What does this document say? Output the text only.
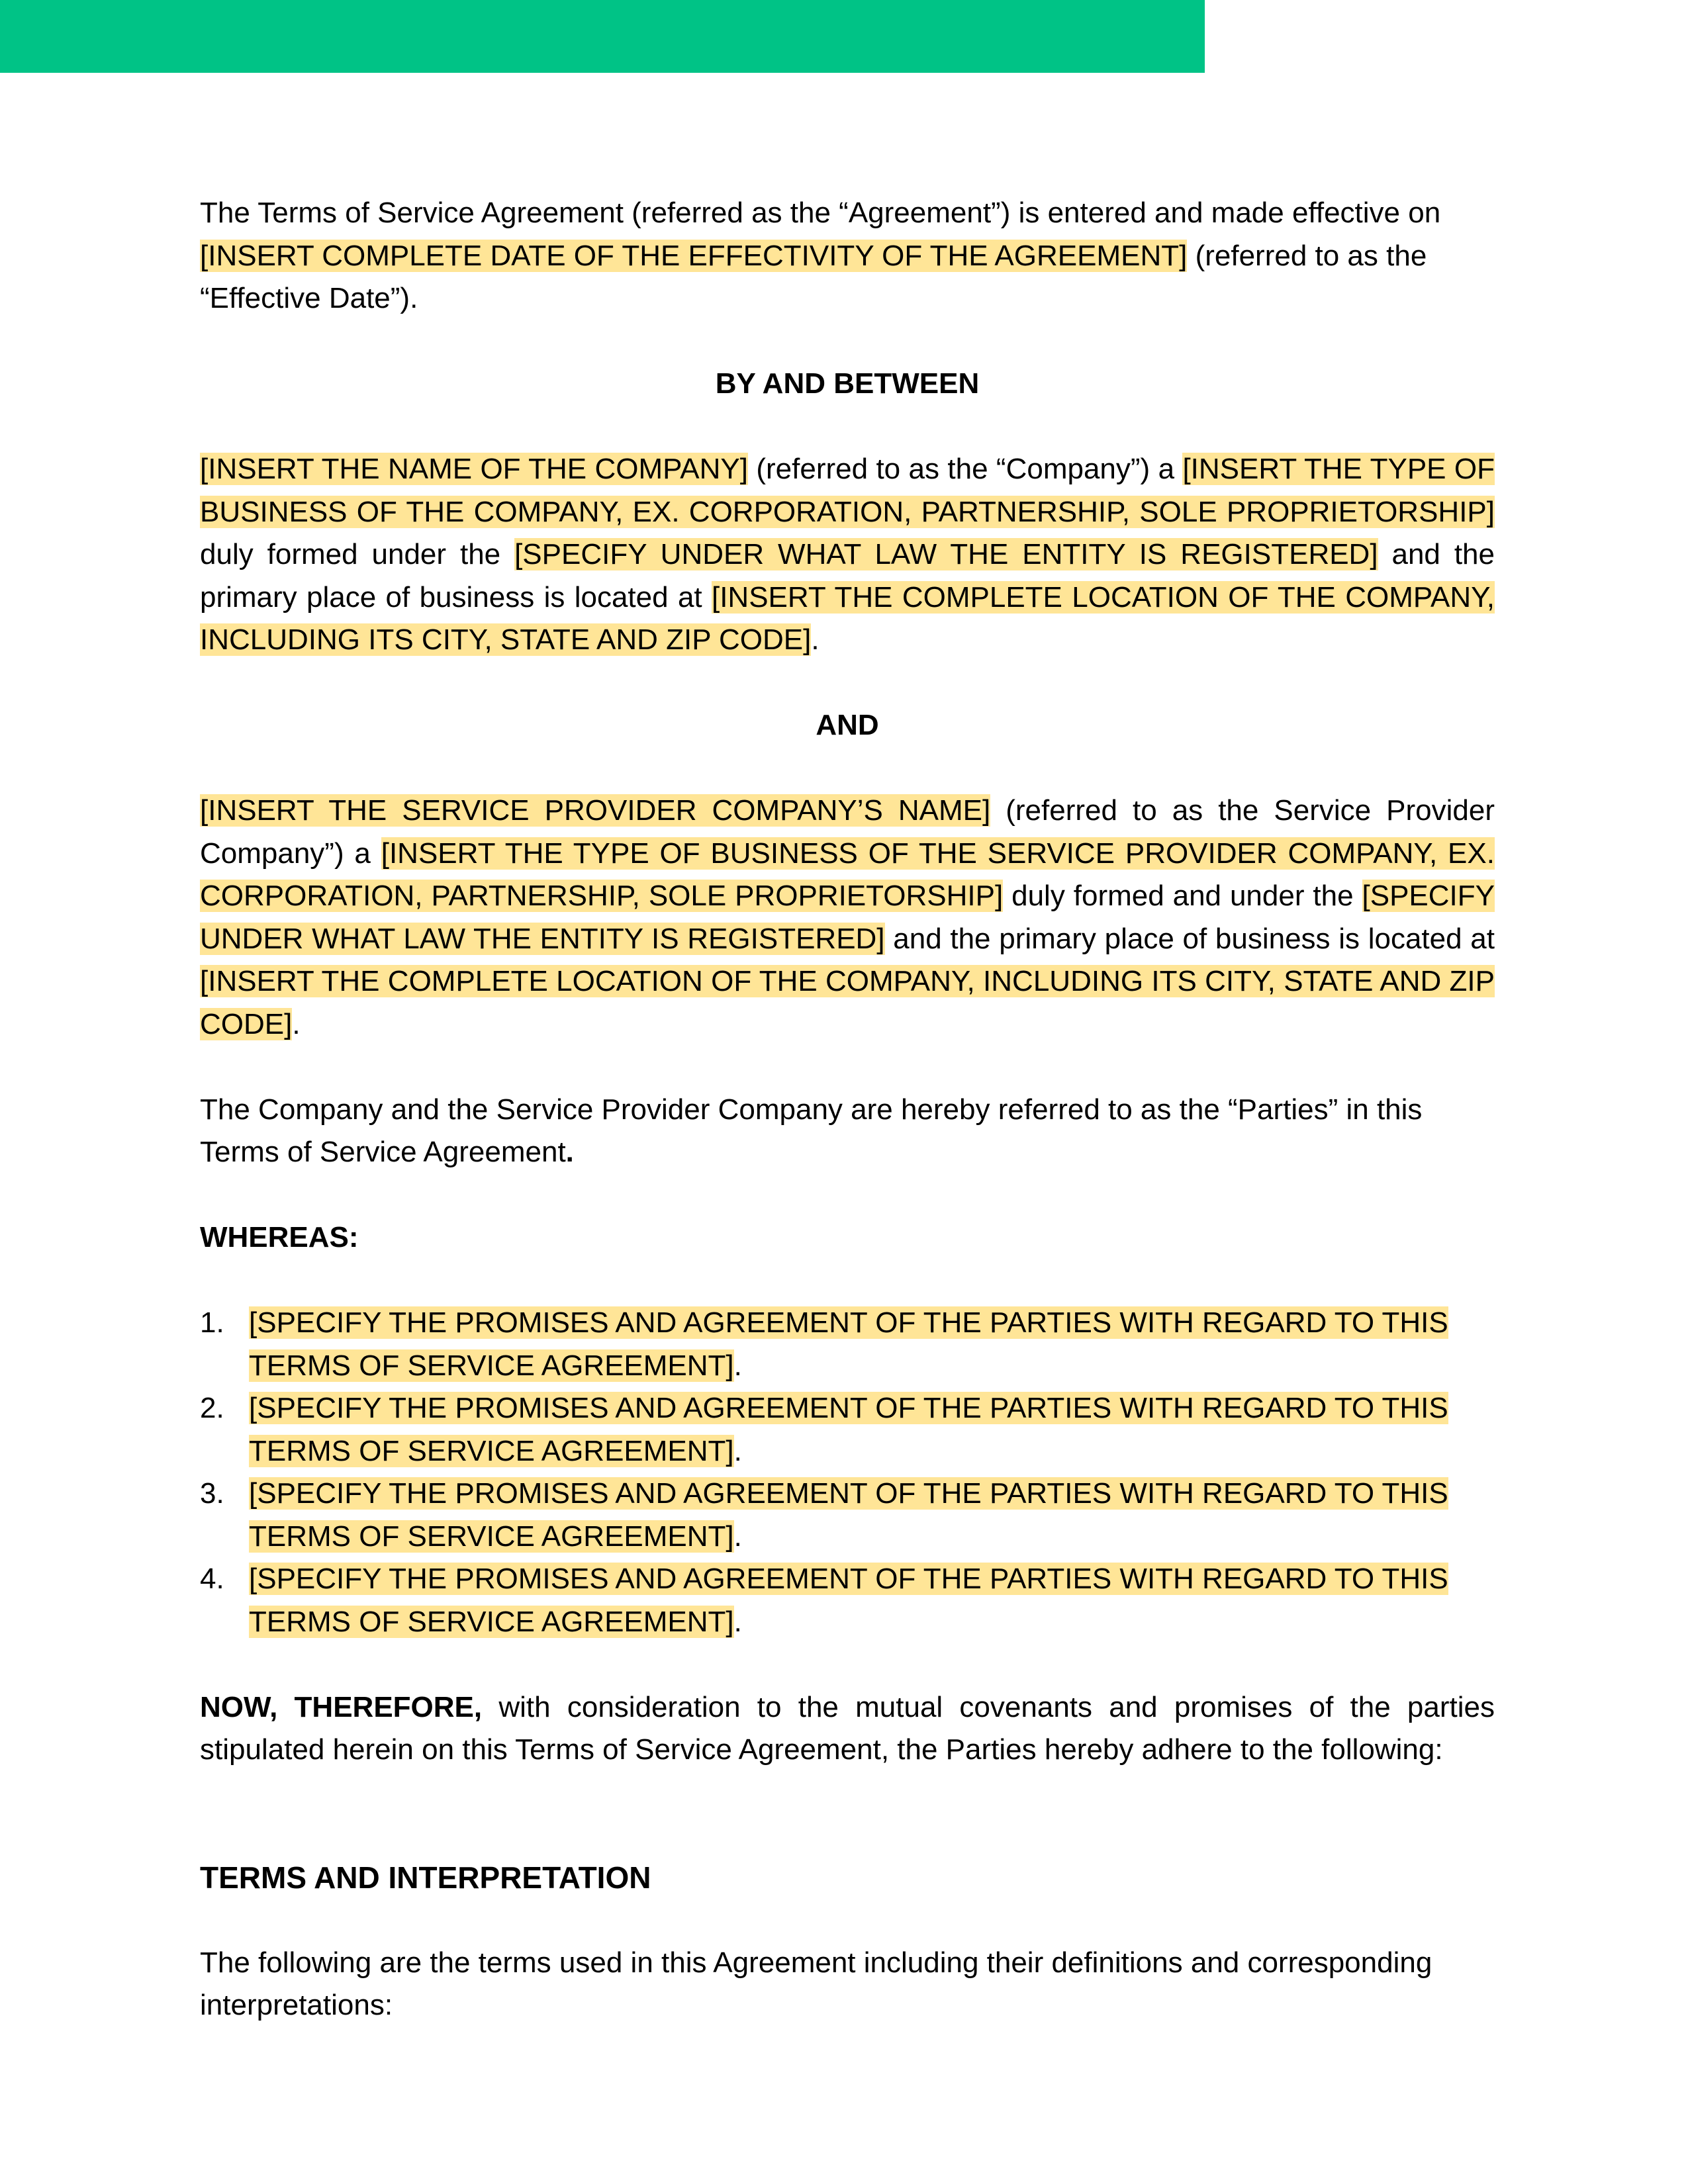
The Terms of Service Agreement (referred as the “Agreement”) is entered and made effective on [INSERT COMPLETE DATE OF THE EFFECTIVITY OF THE AGREEMENT] (referred to as the “Effective Date”).

BY AND BETWEEN

[INSERT THE NAME OF THE COMPANY] (referred to as the “Company”) a [INSERT THE TYPE OF BUSINESS OF THE COMPANY, EX. CORPORATION, PARTNERSHIP, SOLE PROPRIETORSHIP] duly formed under the [SPECIFY UNDER WHAT LAW THE ENTITY IS REGISTERED] and the primary place of business is located at [INSERT THE COMPLETE LOCATION OF THE COMPANY, INCLUDING ITS CITY, STATE AND ZIP CODE].

AND

[INSERT THE SERVICE PROVIDER COMPANY’S NAME] (referred to as the Service Provider Company”) a [INSERT THE TYPE OF BUSINESS OF THE SERVICE PROVIDER COMPANY, EX. CORPORATION, PARTNERSHIP, SOLE PROPRIETORSHIP] duly formed and under the [SPECIFY UNDER WHAT LAW THE ENTITY IS REGISTERED] and the primary place of business is located at [INSERT THE COMPLETE LOCATION OF THE COMPANY, INCLUDING ITS CITY, STATE AND ZIP CODE].

The Company and the Service Provider Company are hereby referred to as the “Parties” in this Terms of Service Agreement.

WHEREAS:

1. [SPECIFY THE PROMISES AND AGREEMENT OF THE PARTIES WITH REGARD TO THIS TERMS OF SERVICE AGREEMENT].
2. [SPECIFY THE PROMISES AND AGREEMENT OF THE PARTIES WITH REGARD TO THIS TERMS OF SERVICE AGREEMENT].
3. [SPECIFY THE PROMISES AND AGREEMENT OF THE PARTIES WITH REGARD TO THIS TERMS OF SERVICE AGREEMENT].
4. [SPECIFY THE PROMISES AND AGREEMENT OF THE PARTIES WITH REGARD TO THIS TERMS OF SERVICE AGREEMENT].

NOW, THEREFORE, with consideration to the mutual covenants and promises of the parties stipulated herein on this Terms of Service Agreement, the Parties hereby adhere to the following:

TERMS AND INTERPRETATION

The following are the terms used in this Agreement including their definitions and corresponding interpretations:
